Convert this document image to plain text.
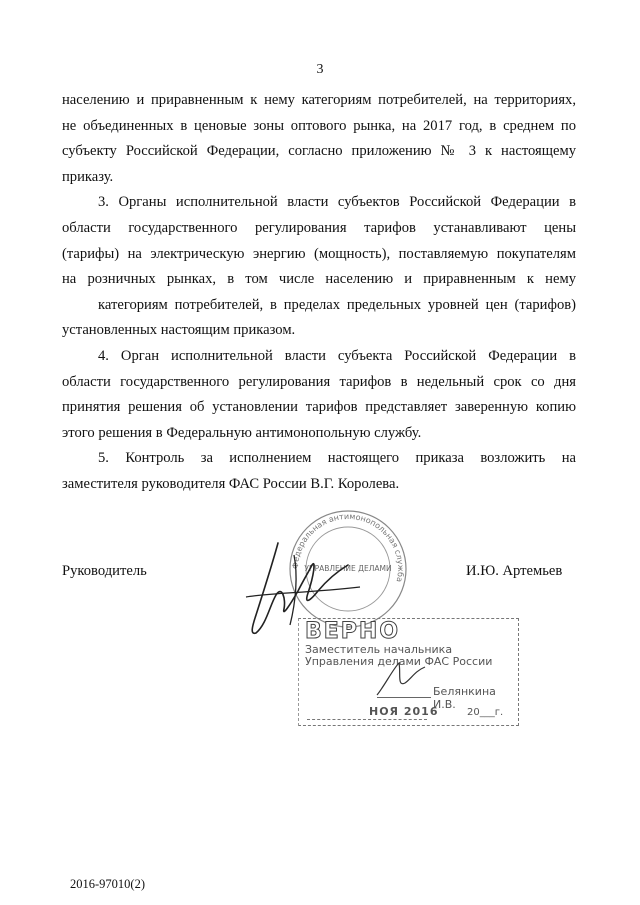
3

населению и приравненным к нему категориям потребителей, на территориях,
не объединенных в ценовые зоны оптового рынка, на 2017 год, в среднем по
субъекту Российской Федерации, согласно приложению № 3 к настоящему
приказу.

3. Органы исполнительной власти субъектов Российской Федерации в
области государственного регулирования тарифов устанавливают цены
(тарифы) на электрическую энергию (мощность), поставляемую покупателям
на розничных рынках, в том числе населению и приравненным к нему
категориям потребителей, в пределах предельных уровней цен (тарифов)
установленных настоящим приказом.

4. Орган исполнительной власти субъекта Российской Федерации в
области государственного регулирования тарифов в недельный срок со дня
принятия решения об установлении тарифов представляет заверенную копию
этого решения в Федеральную антимонопольную службу.

5. Контроль за исполнением настоящего приказа возложить на
заместителя руководителя ФАС России В.Г. Королева.

Федеральная антимонопольная служба
УПРАВЛЕНИЕ ДЕЛАМИ
Руководитель	И.Ю. Артемьев
ВЕРНО
Заместитель начальника
Управления делами ФАС России
Белянкина И.В.
НОЯ 2016	20___г.
2016-97010(2)
